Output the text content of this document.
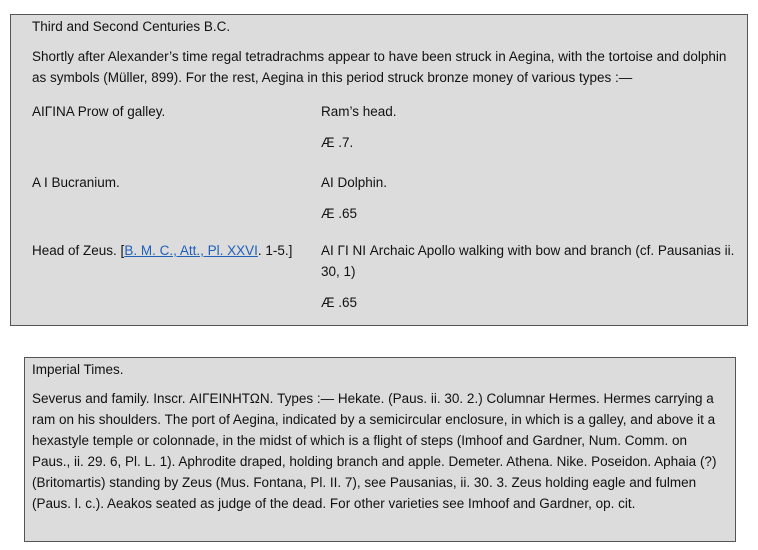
Third and Second Centuries B.C.
Shortly after Alexander’s time regal tetradrachms appear to have been struck in Aegina, with the tortoise and dolphin as symbols (Müller, 899). For the rest, Aegina in this period struck bronze money of various types :—
ΑΙΓΙΝΑ Prow of galley.	Ram’s head.
Æ .7.
Α Ι Bucranium.	ΑΙ Dolphin.
Æ .65
Head of Zeus. [B. M. C., Att., Pl. XXVI. 1-5.]	ΑΙ ΓΙ ΝΙ Archaic Apollo walking with bow and branch (cf. Pausanias ii. 30, 1)
Æ .65
Imperial Times.
Severus and family. Inscr. ΑΙΓΕΙΝΗΤΩΝ. Types :— Hekate. (Paus. ii. 30. 2.) Columnar Hermes. Hermes carrying a ram on his shoulders. The port of Aegina, indicated by a semicircular enclosure, in which is a galley, and above it a hexastyle temple or colonnade, in the midst of which is a flight of steps (Imhoof and Gardner, Num. Comm. on Paus., ii. 29. 6, Pl. L. 1). Aphrodite draped, holding branch and apple. Demeter. Athena. Nike. Poseidon. Aphaia (?) (Britomartis) standing by Zeus (Mus. Fontana, Pl. II. 7), see Pausanias, ii. 30. 3. Zeus holding eagle and fulmen (Paus. l. c.). Aeakos seated as judge of the dead. For other varieties see Imhoof and Gardner, op. cit.
